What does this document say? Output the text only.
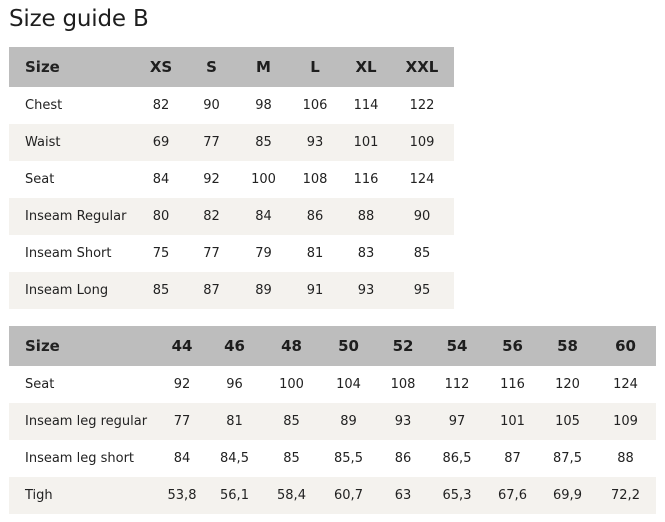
Size guide B
Size	XS	S	M	L	XL	XXL
Chest	82	90	98	106	114	122
Waist	69	77	85	93	101	109
Seat	84	92	100	108	116	124
Inseam Regular	80	82	84	86	88	90
Inseam Short	75	77	79	81	83	85
Inseam Long	85	87	89	91	93	95
Size	44	46	48	50	52	54	56	58	60
Seat	92	96	100	104	108	112	116	120	124
Inseam leg regular	77	81	85	89	93	97	101	105	109
Inseam leg short	84	84,5	85	85,5	86	86,5	87	87,5	88
Tigh	53,8	56,1	58,4	60,7	63	65,3	67,6	69,9	72,2
